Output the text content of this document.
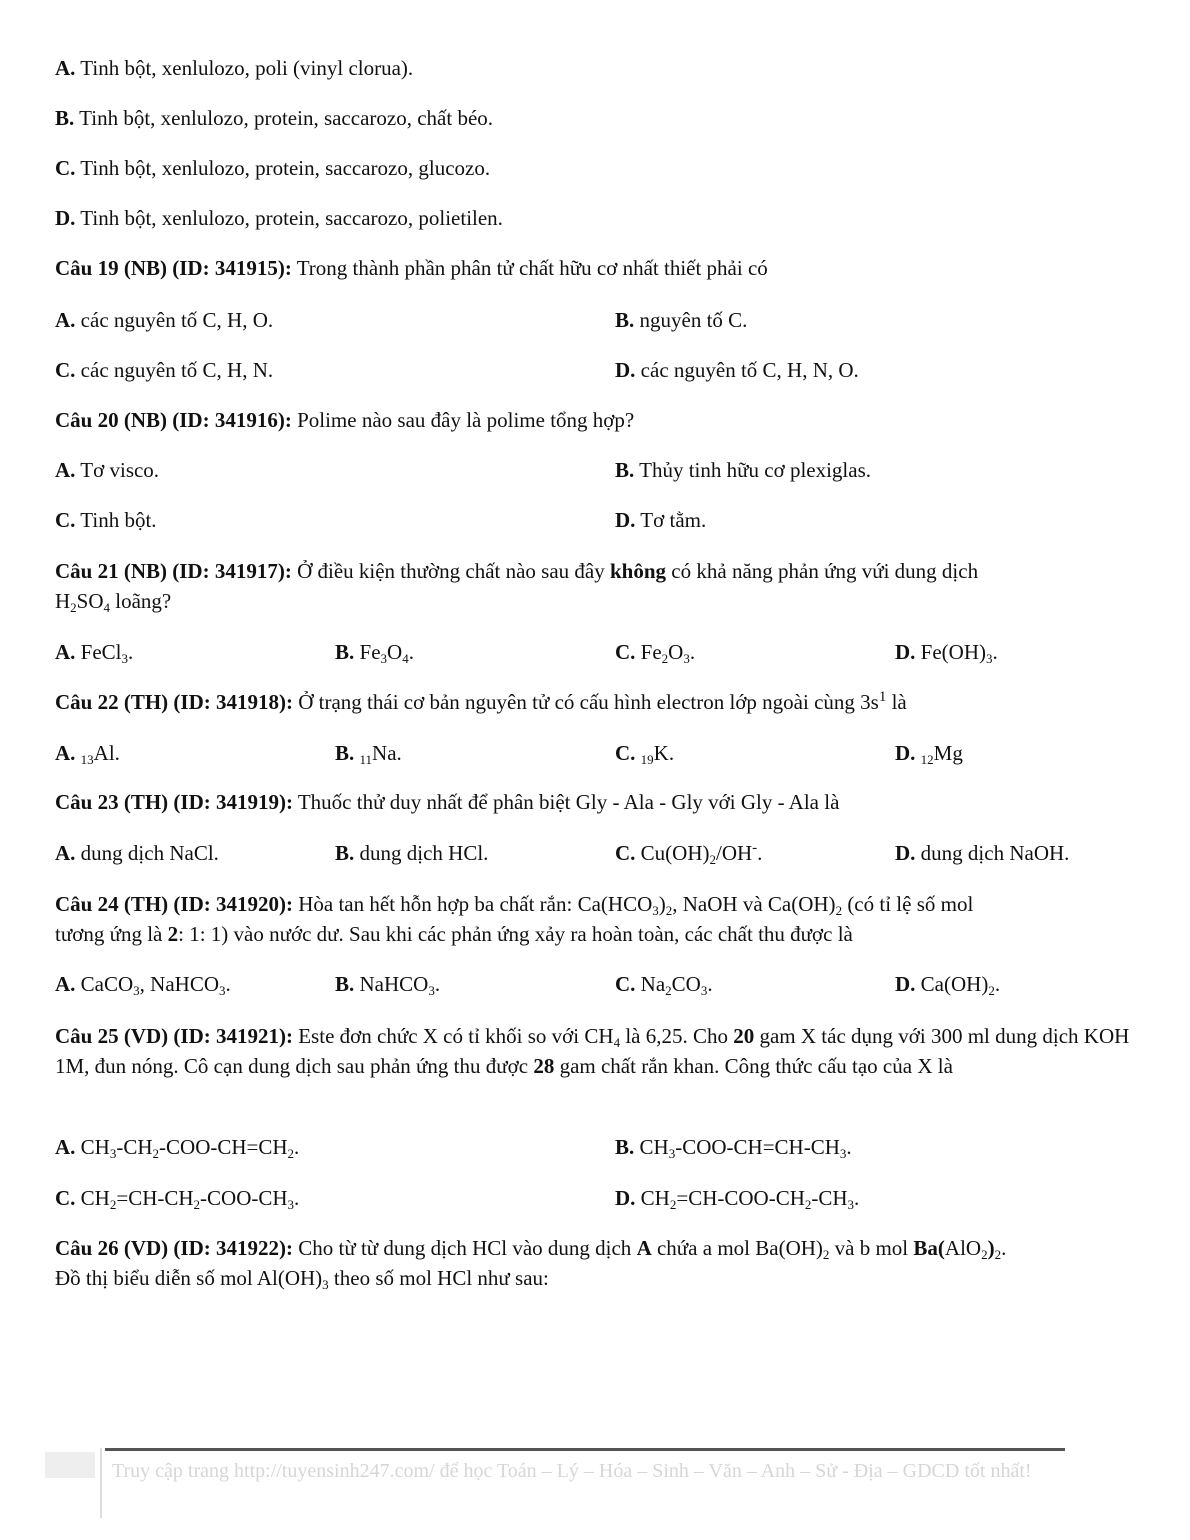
A. Tinh bột, xenlulozo, poli (vinyl clorua).
B. Tinh bột, xenlulozo, protein, saccarozo, chất béo.
C. Tinh bột, xenlulozo, protein, saccarozo, glucozo.
D. Tinh bột, xenlulozo, protein, saccarozo, polietilen.
Câu 19 (NB) (ID: 341915): Trong thành phần phân tử chất hữu cơ nhất thiết phải có
A. các nguyên tố C, H, O.	B. nguyên tố C.
C. các nguyên tố C, H, N.	D. các nguyên tố C, H, N, O.
Câu 20 (NB) (ID: 341916): Polime nào sau đây là polime tổng hợp?
A. Tơ visco.	B. Thủy tinh hữu cơ plexiglas.
C. Tinh bột.	D. Tơ tằm.
Câu 21 (NB) (ID: 341917): Ở điều kiện thường chất nào sau đây không có khả năng phản ứng vứi dung dịch
$H_2SO_4$ loãng?
A. FeCl$_3$.	B. $Fe_3O_4$.	C. $Fe_2O_3$.	D. $Fe(OH)_3$.
Câu 22 (TH) (ID: 341918): Ở trạng thái cơ bản nguyên tử có cấu hình electron lớp ngoài cùng $3s^1$ là
A. 13Al.	B. 11Na.	C. 19K.	D. 12Mg
Câu 23 (TH) (ID: 341919): Thuốc thử duy nhất để phân biệt Gly - Ala - Gly với Gly - Ala là
A. dung dịch NaCl.	B. dung dịch HCl.	C. $Cu(OH)_2/OH^-$.	D. dung dịch NaOH.
Câu 24 (TH) (ID: 341920): Hòa tan hết hỗn hợp ba chất rắn: $Ca(HCO_3)_2$, NaOH và $Ca(OH)_2$ (có tỉ lệ số mol
tương ứng là 2: 1: 1) vào nước dư. Sau khi các phản ứng xảy ra hoàn toàn, các chất thu được là
A. CaCO$_3$, NaHCO$_3$.	B. NaHCO$_3$.	C. $Na_2CO_3$.	D. $Ca(OH)_2$.
Câu 25 (VD) (ID: 341921): Este đơn chức X có tỉ khối so với $CH_4$ là 6,25. Cho 20 gam X tác dụng với 300 ml dung dịch KOH 1M, đun nóng. Cô cạn dung dịch sau phản ứng thu được 28 gam chất rắn khan. Công thức cấu tạo của X là
A. $CH_3-CH_2-COO-CH=CH_2$.	B. $CH_3-COO-CH=CH-CH_3$.
C. $CH_2=CH-CH_2-COO-CH_3$.	D. $CH_2=CH-COO-CH_2-CH_3$.
Câu 26 (VD) (ID: 341922): Cho từ từ dung dịch HCl vào dung dịch A chứa a mol $Ba(OH)_2$ và b mol $Ba(AlO_2)_2$.
Đồ thị biểu diễn số mol $Al(OH)_3$ theo số mol HCl như sau:
Truy cập trang http://tuyensinh247.com/ để học Toán – Lý – Hóa – Sinh – Văn – Anh – Sử - Địa – GDCD tốt nhất!
